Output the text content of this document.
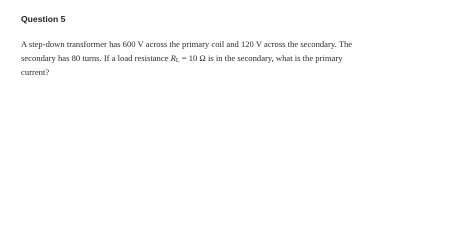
Question 5
A step-down transformer has 600 V across the primary coil and 120 V across the secondary. The
secondary has 80 turns. If a load resistance $R_L = 10$ Ω is in the secondary, what is the primary
current?
